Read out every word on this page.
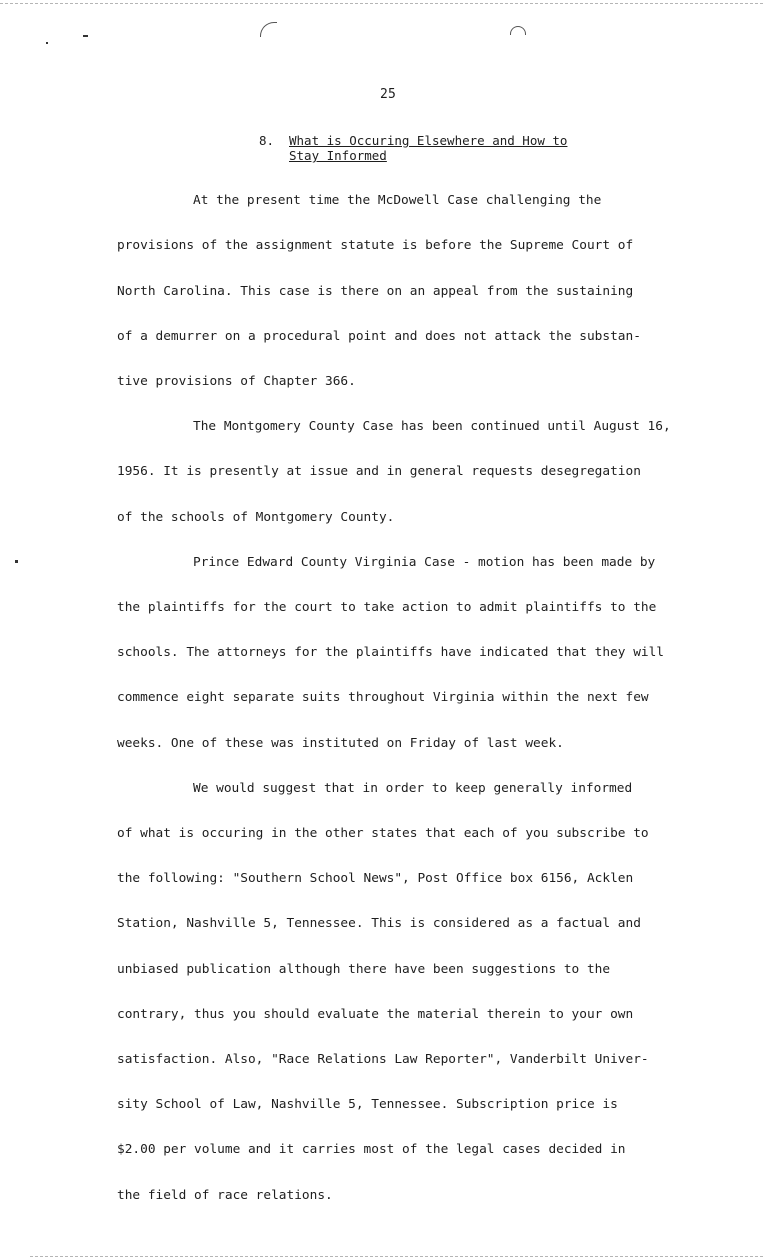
25
8. What is Occuring Elsewhere and How to Stay Informed
At the present time the McDowell Case challenging the
provisions of the assignment statute is before the Supreme Court of
North Carolina. This case is there on an appeal from the sustaining
of a demurrer on a procedural point and does not attack the substan-
tive provisions of Chapter 366.
The Montgomery County Case has been continued until August 16,
1956. It is presently at issue and in general requests desegregation
of the schools of Montgomery County.
Prince Edward County Virginia Case - motion has been made by
the plaintiffs for the court to take action to admit plaintiffs to the
schools. The attorneys for the plaintiffs have indicated that they will
commence eight separate suits throughout Virginia within the next few
weeks. One of these was instituted on Friday of last week.
We would suggest that in order to keep generally informed
of what is occuring in the other states that each of you subscribe to
the following: "Southern School News", Post Office box 6156, Acklen
Station, Nashville 5, Tennessee. This is considered as a factual and
unbiased publication although there have been suggestions to the
contrary, thus you should evaluate the material therein to your own
satisfaction. Also, "Race Relations Law Reporter", Vanderbilt Univer-
sity School of Law, Nashville 5, Tennessee. Subscription price is
$2.00 per volume and it carries most of the legal cases decided in
the field of race relations.
